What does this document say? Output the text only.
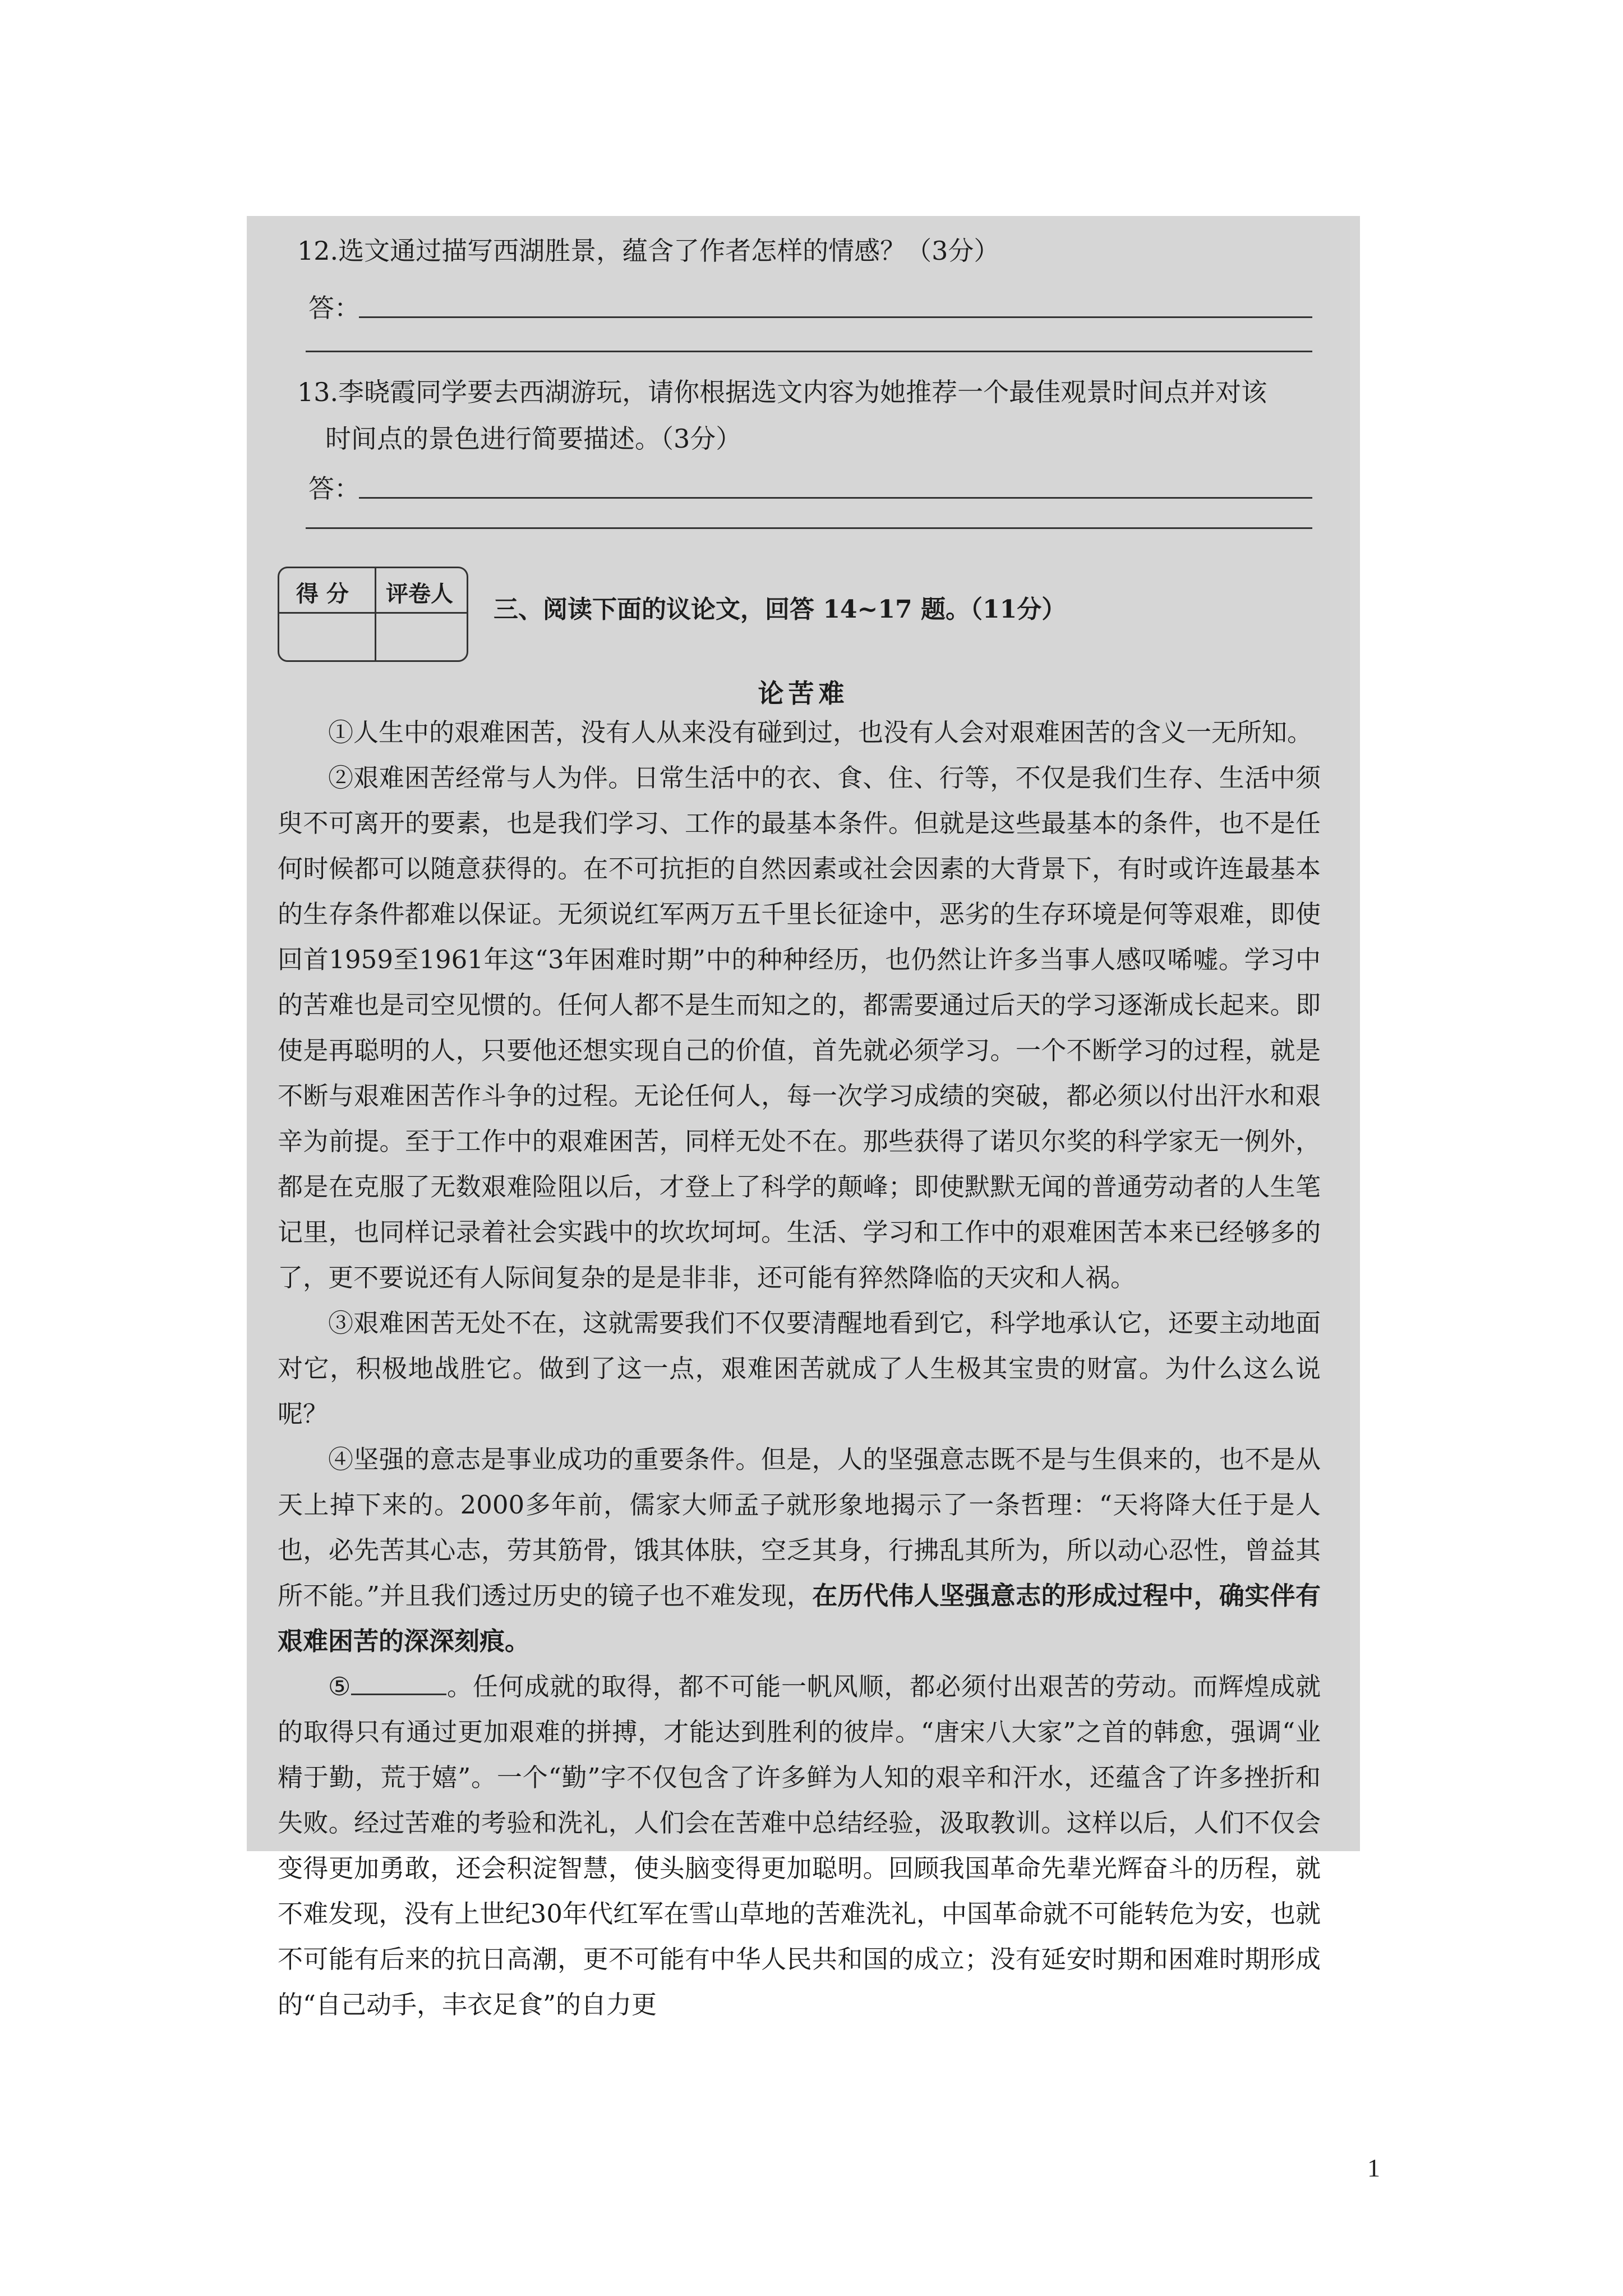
12.选文通过描写西湖胜景，蕴含了作者怎样的情感？（3分）
答：
13.李晓霞同学要去西湖游玩，请你根据选文内容为她推荐一个最佳观景时间点并对该
时间点的景色进行简要描述。（3分）
答：
得 分 评卷人
三、阅读下面的议论文，回答 14~17 题。（11分）
论苦难

①人生中的艰难困苦，没有人从来没有碰到过，也没有人会对艰难困苦的含义一无所知。

②艰难困苦经常与人为伴。日常生活中的衣、食、住、行等，不仅是我们生存、生活中须臾不可离开的要素，也是我们学习、工作的最基本条件。但就是这些最基本的条件，也不是任何时候都可以随意获得的。在不可抗拒的自然因素或社会因素的大背景下，有时或许连最基本的生存条件都难以保证。无须说红军两万五千里长征途中，恶劣的生存环境是何等艰难，即使回首1959至1961年这“3年困难时期”中的种种经历，也仍然让许多当事人感叹唏嘘。学习中的苦难也是司空见惯的。任何人都不是生而知之的，都需要通过后天的学习逐渐成长起来。即使是再聪明的人，只要他还想实现自己的价值，首先就必须学习。一个不断学习的过程，就是不断与艰难困苦作斗争的过程。无论任何人，每一次学习成绩的突破，都必须以付出汗水和艰辛为前提。至于工作中的艰难困苦，同样无处不在。那些获得了诺贝尔奖的科学家无一例外，都是在克服了无数艰难险阻以后，才登上了科学的颠峰；即使默默无闻的普通劳动者的人生笔记里，也同样记录着社会实践中的坎坎坷坷。生活、学习和工作中的艰难困苦本来已经够多的了，更不要说还有人际间复杂的是是非非，还可能有猝然降临的天灾和人祸。

③艰难困苦无处不在，这就需要我们不仅要清醒地看到它，科学地承认它，还要主动地面对它，积极地战胜它。做到了这一点，艰难困苦就成了人生极其宝贵的财富。为什么这么说呢？

④坚强的意志是事业成功的重要条件。但是，人的坚强意志既不是与生俱来的，也不是从天上掉下来的。2000多年前，儒家大师孟子就形象地揭示了一条哲理：“天将降大任于是人也，必先苦其心志，劳其筋骨，饿其体肤，空乏其身，行拂乱其所为，所以动心忍性，曾益其所不能。”并且我们透过历史的镜子也不难发现，在历代伟人坚强意志的形成过程中，确实伴有艰难困苦的深深刻痕。

⑤	。任何成就的取得，都不可能一帆风顺，都必须付出艰苦的劳动。而辉煌成就的取得只有通过更加艰难的拼搏，才能达到胜利的彼岸。“唐宋八大家”之首的韩愈，强调“业精于勤，荒于嬉”。一个“勤”字不仅包含了许多鲜为人知的艰辛和汗水，还蕴含了许多挫折和失败。经过苦难的考验和洗礼，人们会在苦难中总结经验，汲取教训。这样以后，人们不仅会变得更加勇敢，还会积淀智慧，使头脑变得更加聪明。回顾我国革命先辈光辉奋斗的历程，就不难发现，没有上世纪30年代红军在雪山草地的苦难洗礼，中国革命就不可能转危为安，也就不可能有后来的抗日高潮，更不可能有中华人民共和国的成立；没有延安时期和困难时期形成的“自己动手，丰衣足食”的自力更

1
